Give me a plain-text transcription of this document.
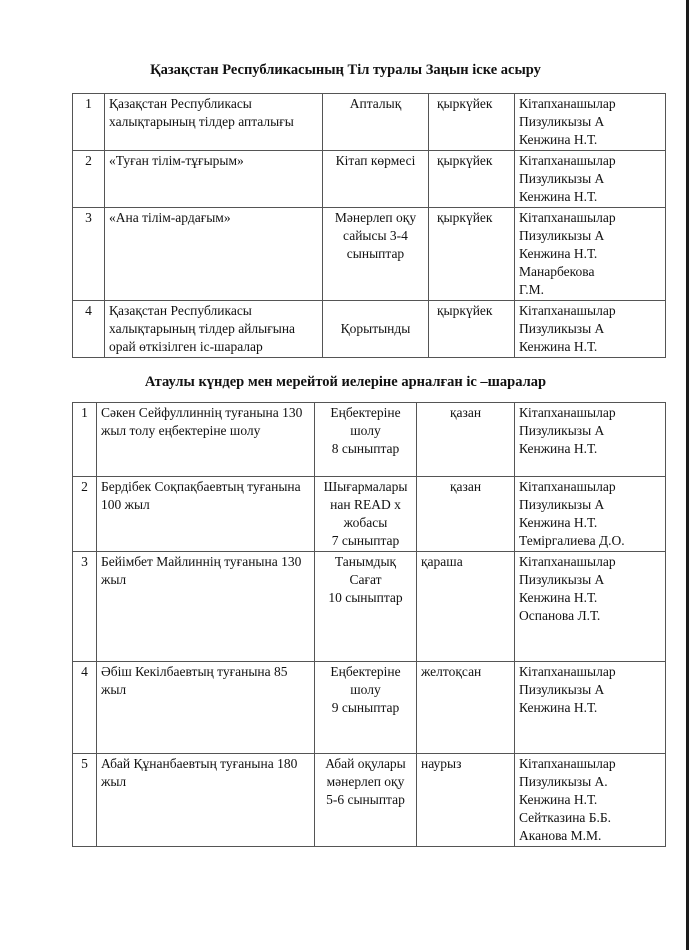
Қазақстан Республикасының Тіл туралы Заңын іске асыру
1	Қазақстан Республикасы халықтарының тілдер апталығы	Апталық	қыркүйек	Кітапханашылар
Пизуликызы А
Кенжина Н.Т.

2	«Туған тілім-тұғырым»	Кітап көрмесі	қыркүйек	Кітапханашылар
Пизуликызы А
Кенжина Н.Т.

3	«Ана тілім-ардағым»	Мәнерлеп оқу сайысы 3-4 сыныптар	қыркүйек	Кітапханашылар
Пизуликызы А
Кенжина Н.Т.
Манарбекова
Г.М.

4	Қазақстан Республикасы халықтарының тілдер айлығына орай өткізілген іс-шаралар	Қорытынды	қыркүйек	Кітапханашылар
Пизуликызы А
Кенжина Н.Т.
Атаулы күндер мен мерейтой иелеріне арналған іс –шаралар
1	Сәкен Сейфуллиннің туғанына 130 жыл толу еңбектеріне шолу	Еңбектеріне
шолу
8 сыныптар	қазан	Кітапханашылар
Пизуликызы А
Кенжина Н.Т.

2	Бердібек Соқпақбаевтың туғанына 100 жыл	Шығармалары
нан READ х
жобасы
7 сыныптар	қазан	Кітапханашылар
Пизуликызы А
Кенжина Н.Т.
Теміргалиева Д.О.

3	Бейімбет Майлиннің туғанына 130 жыл	Танымдық
Сағат
10 сыныптар	қараша	Кітапханашылар
Пизуликызы А
Кенжина Н.Т.
Оспанова Л.Т.

4	Әбіш Кекілбаевтың туғанына 85 жыл	Еңбектеріне
шолу
9 сыныптар	желтоқсан	Кітапханашылар
Пизуликызы А
Кенжина Н.Т.

5	Абай Құнанбаевтың туғанына 180 жыл	Абай оқулары
мәнерлеп оқу
5-6 сыныптар	наурыз	Кітапханашылар
Пизуликызы А.
Кенжина Н.Т.
Сейтказина Б.Б.
Аканова М.М.
